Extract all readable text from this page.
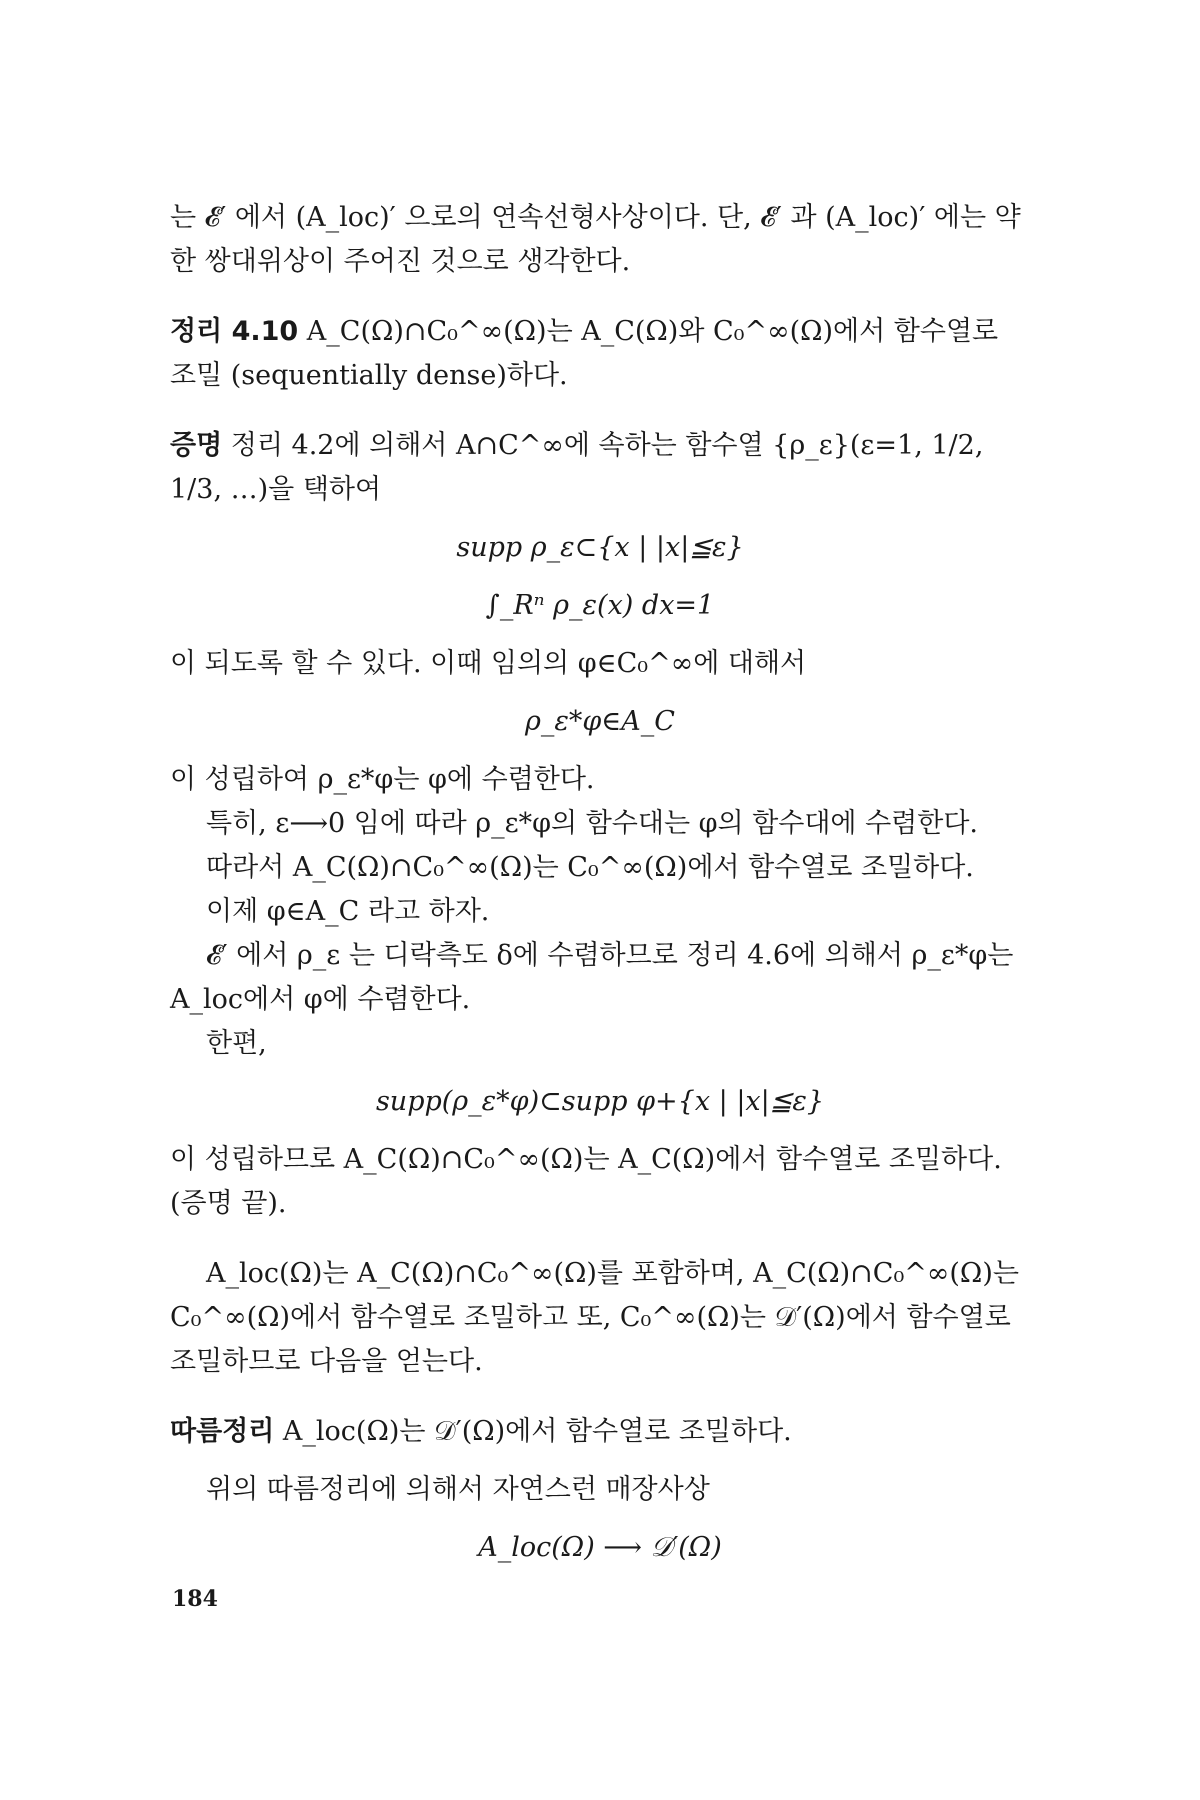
는 𝓔′ 에서 (A_loc)′ 으로의 연속선형사상이다. 단, 𝓔′ 과 (A_loc)′ 에는 약한 쌍대위상이 주어진 것으로 생각한다.

정리 4.10 A_C(Ω)∩C₀^∞(Ω)는 A_C(Ω)와 C₀^∞(Ω)에서 함수열로 조밀 (sequentially dense)하다.

증명 정리 4.2에 의해서 A∩C^∞에 속하는 함수열 {ρ_ε}(ε=1, 1/2, 1/3, …)을 택하여

supp ρ_ε⊂{x | |x|≦ε}
∫_Rⁿ ρ_ε(x) dx=1

이 되도록 할 수 있다. 이때 임의의 φ∈C₀^∞에 대해서

ρ_ε*φ∈A_C

이 성립하여 ρ_ε*φ는 φ에 수렴한다.

특히, ε⟶0 임에 따라 ρ_ε*φ의 함수대는 φ의 함수대에 수렴한다.

따라서 A_C(Ω)∩C₀^∞(Ω)는 C₀^∞(Ω)에서 함수열로 조밀하다.

이제 φ∈A_C 라고 하자.

𝓔′ 에서 ρ_ε 는 디락측도 δ에 수렴하므로 정리 4.6에 의해서 ρ_ε*φ는 A_loc에서 φ에 수렴한다.

한편,

supp(ρ_ε*φ)⊂supp φ+{x | |x|≦ε}

이 성립하므로 A_C(Ω)∩C₀^∞(Ω)는 A_C(Ω)에서 함수열로 조밀하다. (증명 끝).

A_loc(Ω)는 A_C(Ω)∩C₀^∞(Ω)를 포함하며, A_C(Ω)∩C₀^∞(Ω)는 C₀^∞(Ω)에서 함수열로 조밀하고 또, C₀^∞(Ω)는 𝒟′(Ω)에서 함수열로 조밀하므로 다음을 얻는다.

따름정리 A_loc(Ω)는 𝒟′(Ω)에서 함수열로 조밀하다.

위의 따름정리에 의해서 자연스런 매장사상

A_loc(Ω) ⟶ 𝒟′(Ω)
184
